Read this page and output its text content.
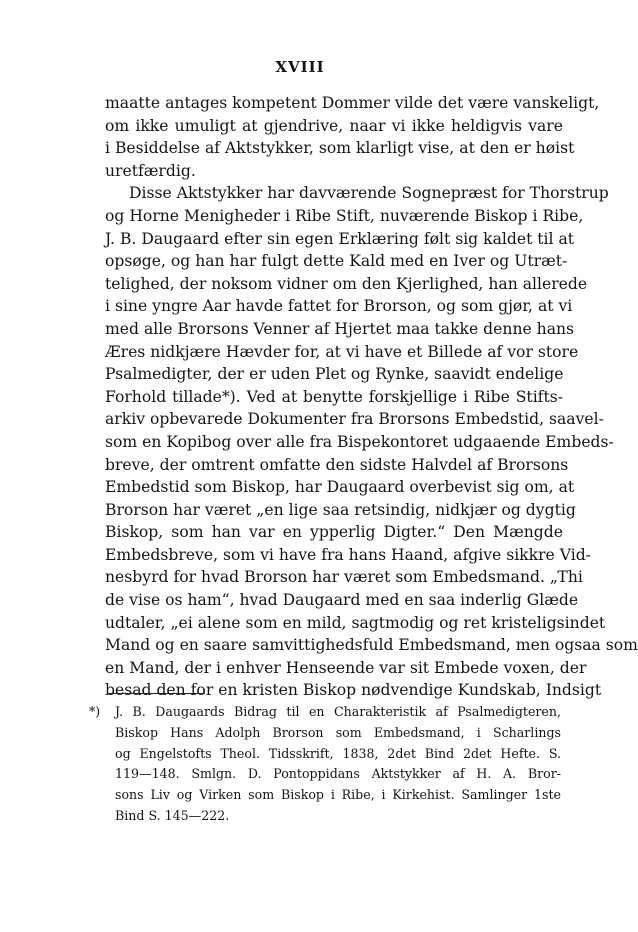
XVIII
maatte antages kompetent Dommer vilde det være vanskeligt,
om ikke umuligt at gjendrive, naar vi ikke heldigvis vare
i Besiddelse af Aktstykker, som klarligt vise, at den er høist
uretfærdig.
Disse Aktstykker har davværende Sognepræst for Thorstrup
og Horne Menigheder i Ribe Stift, nuværende Biskop i Ribe,
J. B. Daugaard efter sin egen Erklæring følt sig kaldet til at
opsøge, og han har fulgt dette Kald med en Iver og Utræt-
telighed, der noksom vidner om den Kjerlighed, han allerede
i sine yngre Aar havde fattet for Brorson, og som gjør, at vi
med alle Brorsons Venner af Hjertet maa takke denne hans
Æres nidkjære Hævder for, at vi have et Billede af vor store
Psalmedigter, der er uden Plet og Rynke, saavidt endelige
Forhold tillade*). Ved at benytte forskjellige i Ribe Stifts-
arkiv opbevarede Dokumenter fra Brorsons Embedstid, saavel-
som en Kopibog over alle fra Bispekontoret udgaaende Embeds-
breve, der omtrent omfatte den sidste Halvdel af Brorsons
Embedstid som Biskop, har Daugaard overbevist sig om, at
Brorson har været „en lige saa retsindig, nidkjær og dygtig
Biskop, som han var en ypperlig Digter.“ Den Mængde
Embedsbreve, som vi have fra hans Haand, afgive sikkre Vid-
nesbyrd for hvad Brorson har været som Embedsmand. „Thi
de vise os ham“, hvad Daugaard med en saa inderlig Glæde
udtaler, „ei alene som en mild, sagtmodig og ret kristeligsindet
Mand og en saare samvittighedsfuld Embedsmand, men ogsaa som
en Mand, der i enhver Henseende var sit Embede voxen, der
besad den for en kristen Biskop nødvendige Kundskab, Indsigt
*) J. B. Daugaards Bidrag til en Charakteristik af Psalmedigteren,
Biskop Hans Adolph Brorson som Embedsmand, i Scharlings
og Engelstofts Theol. Tidsskrift, 1838, 2det Bind 2det Hefte. S.
119—148. Smlgn. D. Pontoppidans Aktstykker af H. A. Bror-
sons Liv og Virken som Biskop i Ribe, i Kirkehist. Samlinger 1ste
Bind S. 145—222.
